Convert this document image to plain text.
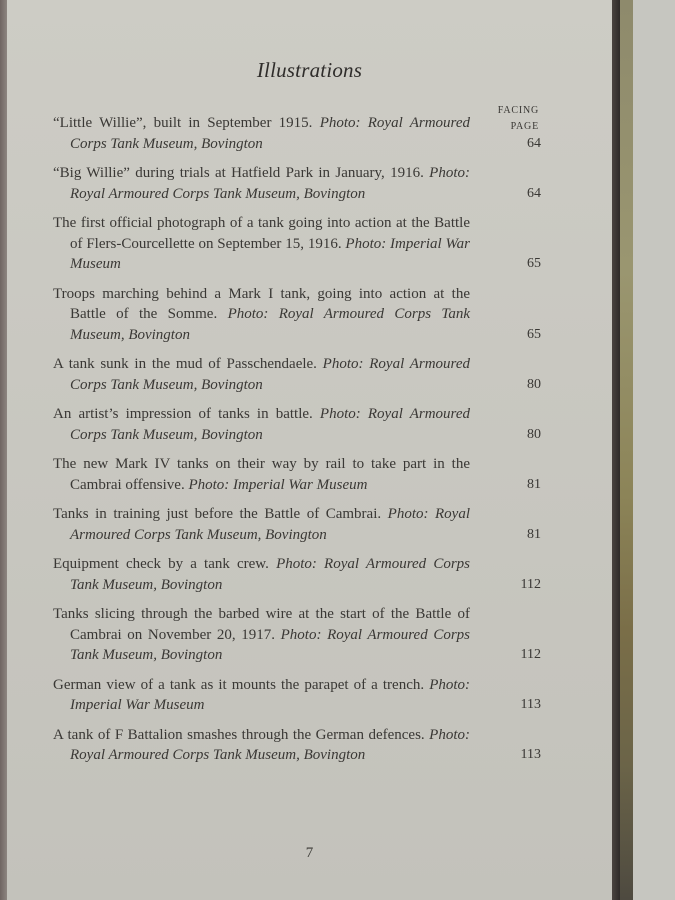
Illustrations
FACING
PAGE
“Little Willie”, built in September 1915. Photo: Royal Armoured Corps Tank Museum, Bovington	64
“Big Willie” during trials at Hatfield Park in January, 1916. Photo: Royal Armoured Corps Tank Museum, Bovington	64
The first official photograph of a tank going into action at the Battle of Flers-Courcellette on September 15, 1916. Photo: Imperial War Museum	65
Troops marching behind a Mark I tank, going into action at the Battle of the Somme. Photo: Royal Armoured Corps Tank Museum, Bovington	65
A tank sunk in the mud of Passchendaele. Photo: Royal Armoured Corps Tank Museum, Bovington	80
An artist’s impression of tanks in battle. Photo: Royal Armoured Corps Tank Museum, Bovington	80
The new Mark IV tanks on their way by rail to take part in the Cambrai offensive. Photo: Imperial War Museum	81
Tanks in training just before the Battle of Cambrai. Photo: Royal Armoured Corps Tank Museum, Bovington	81
Equipment check by a tank crew. Photo: Royal Armoured Corps Tank Museum, Bovington	112
Tanks slicing through the barbed wire at the start of the Battle of Cambrai on November 20, 1917. Photo: Royal Armoured Corps Tank Museum, Bovington	112
German view of a tank as it mounts the parapet of a trench. Photo: Imperial War Museum	113
A tank of F Battalion smashes through the German defences. Photo: Royal Armoured Corps Tank Museum, Bovington	113
7
